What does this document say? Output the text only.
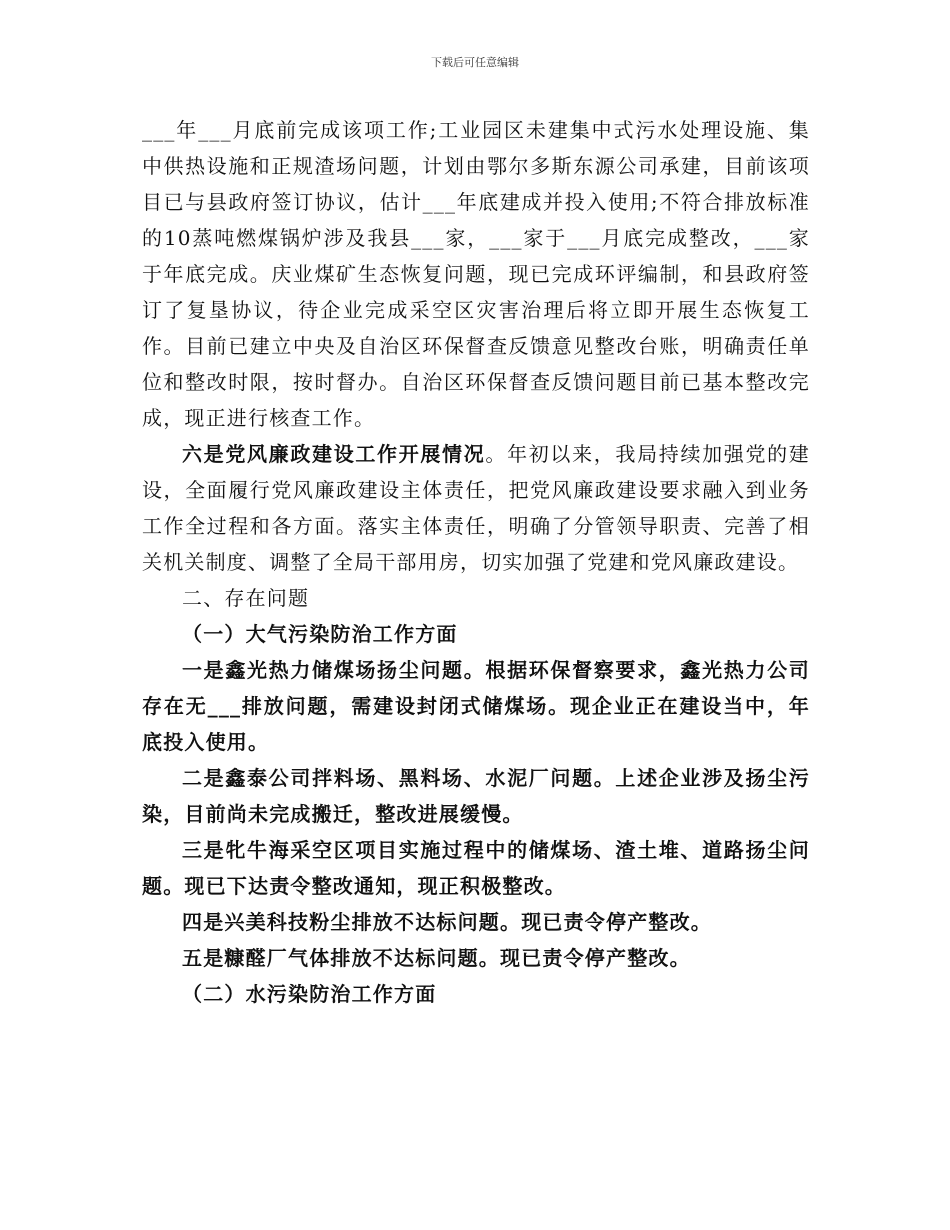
下载后可任意编辑

___年___月底前完成该项工作;工业园区未建集中式污水处理设施、集中供热设施和正规渣场问题，计划由鄂尔多斯东源公司承建，目前该项目已与县政府签订协议，估计___年底建成并投入使用;不符合排放标准的10蒸吨燃煤锅炉涉及我县___家，___家于___月底完成整改，___家于年底完成。庆业煤矿生态恢复问题，现已完成环评编制，和县政府签订了复垦协议，待企业完成采空区灾害治理后将立即开展生态恢复工作。目前已建立中央及自治区环保督查反馈意见整改台账，明确责任单位和整改时限，按时督办。自治区环保督查反馈问题目前已基本整改完成，现正进行核查工作。

六是党风廉政建设工作开展情况。年初以来，我局持续加强党的建设，全面履行党风廉政建设主体责任，把党风廉政建设要求融入到业务工作全过程和各方面。落实主体责任，明确了分管领导职责、完善了相关机关制度、调整了全局干部用房，切实加强了党建和党风廉政建设。

二、存在问题

（一）大气污染防治工作方面

一是鑫光热力储煤场扬尘问题。根据环保督察要求，鑫光热力公司存在无___排放问题，需建设封闭式储煤场。现企业正在建设当中，年底投入使用。

二是鑫泰公司拌料场、黑料场、水泥厂问题。上述企业涉及扬尘污染，目前尚未完成搬迁，整改进展缓慢。

三是牝牛海采空区项目实施过程中的储煤场、渣土堆、道路扬尘问题。现已下达责令整改通知，现正积极整改。

四是兴美科技粉尘排放不达标问题。现已责令停产整改。

五是糠醛厂气体排放不达标问题。现已责令停产整改。

（二）水污染防治工作方面
